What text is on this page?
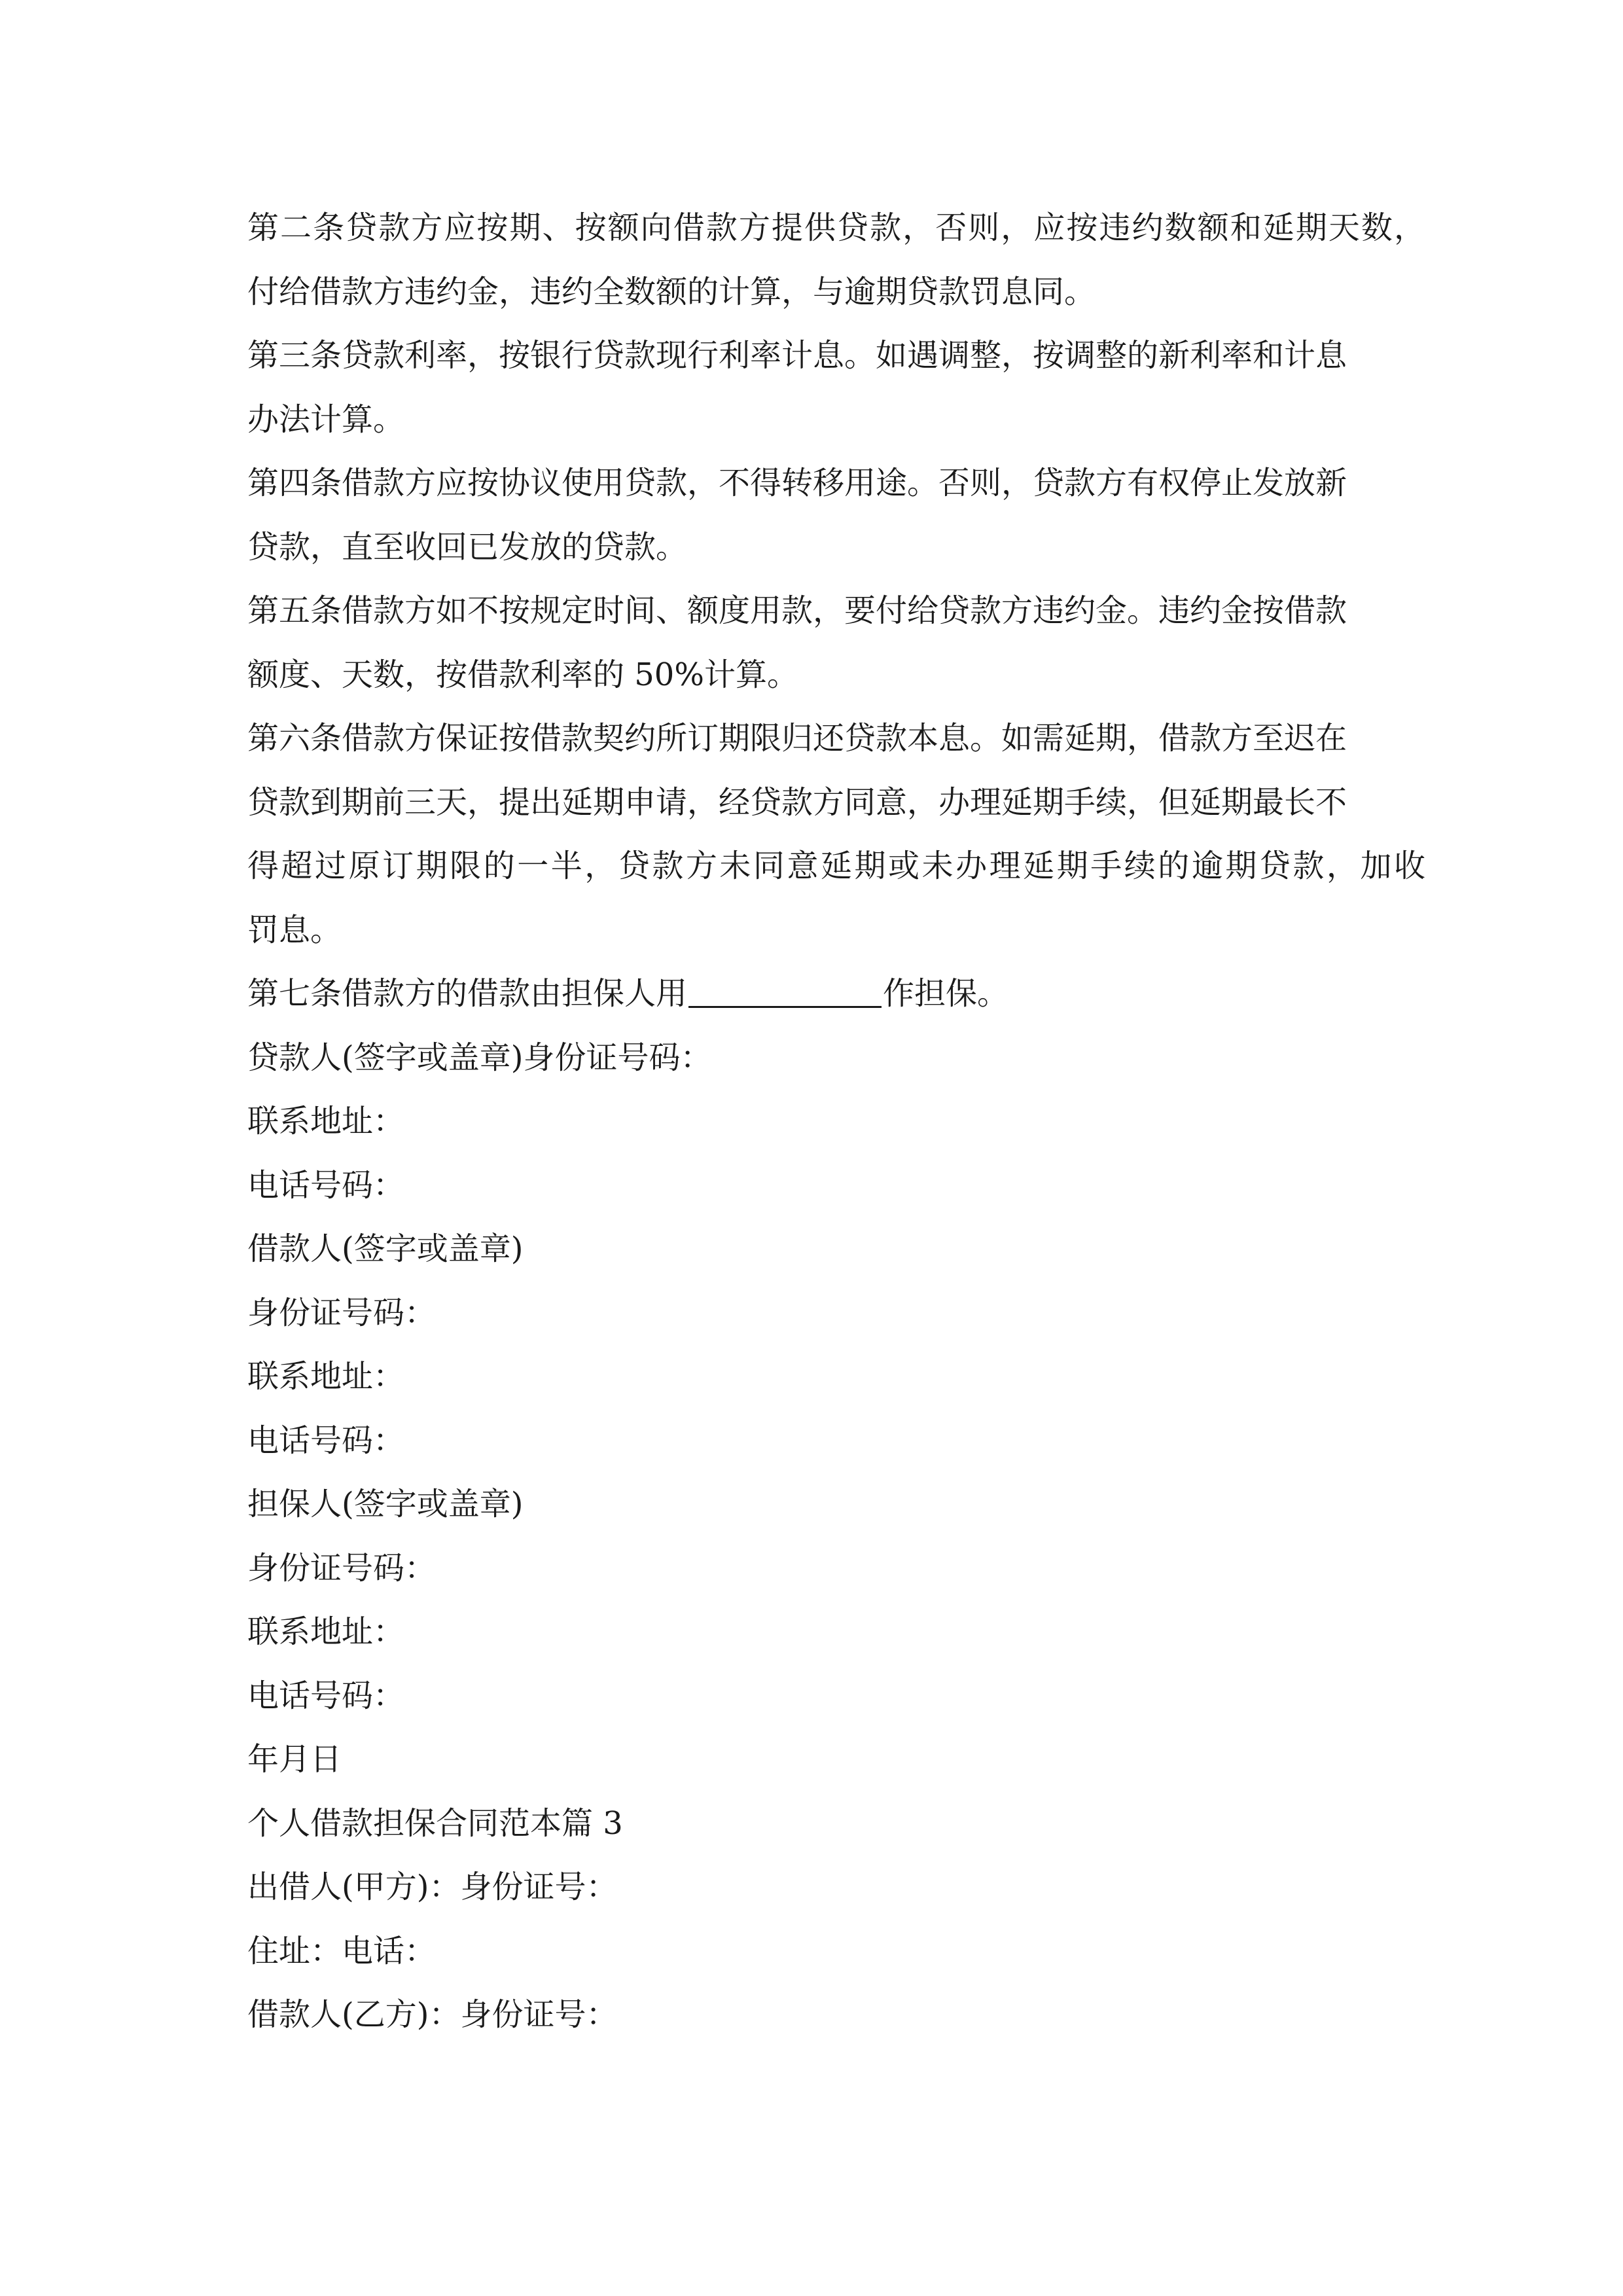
第二条贷款方应按期、按额向借款方提供贷款，否则，应按违约数额和延期天数，

付给借款方违约金，违约全数额的计算，与逾期贷款罚息同。

第三条贷款利率，按银行贷款现行利率计息。如遇调整，按调整的新利率和计息

办法计算。

第四条借款方应按协议使用贷款，不得转移用途。否则，贷款方有权停止发放新

贷款，直至收回已发放的贷款。

第五条借款方如不按规定时间、额度用款，要付给贷款方违约金。违约金按借款

额度、天数，按借款利率的 50%计算。

第六条借款方保证按借款契约所订期限归还贷款本息。如需延期，借款方至迟在

贷款到期前三天，提出延期申请，经贷款方同意，办理延期手续，但延期最长不

得超过原订期限的一半，贷款方未同意延期或未办理延期手续的逾期贷款，加收

罚息。

第七条借款方的借款由担保人用	作担保。

贷款人(签字或盖章)身份证号码：

联系地址：

电话号码：

借款人(签字或盖章)

身份证号码：

联系地址：

电话号码：

担保人(签字或盖章)

身份证号码：

联系地址：

电话号码：

年月日

个人借款担保合同范本篇 3

出借人(甲方)：身份证号：

住址：电话：

借款人(乙方)：身份证号：
